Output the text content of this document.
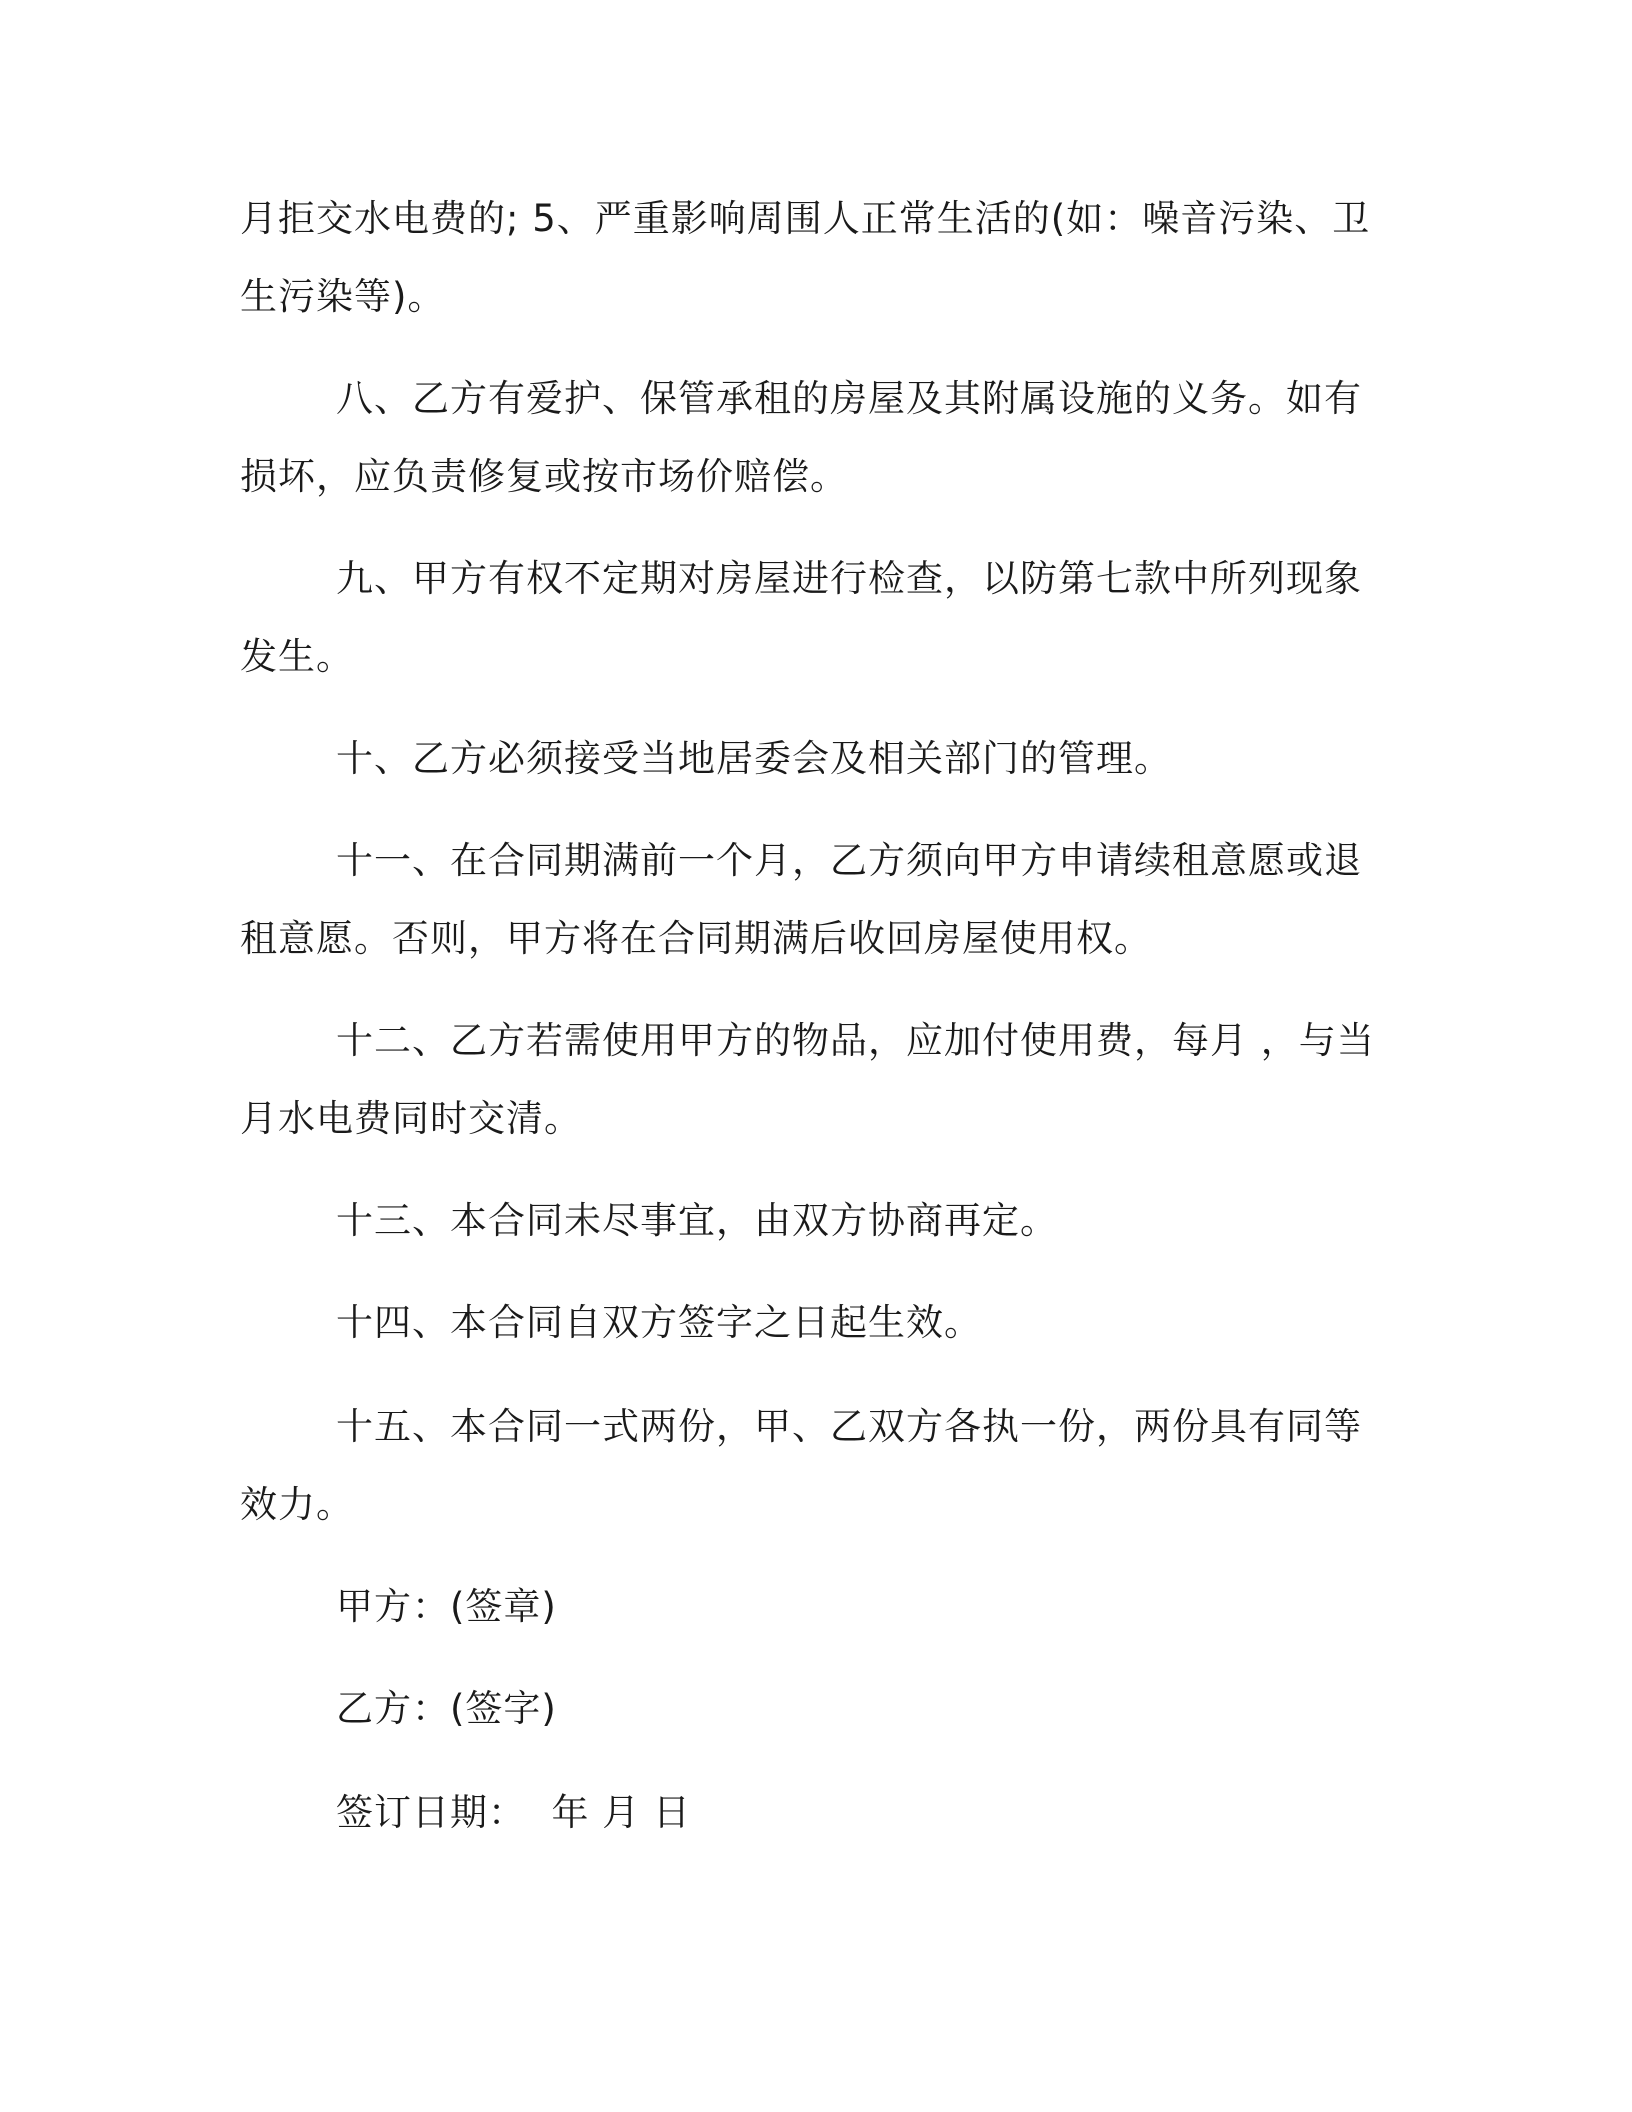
月拒交水电费的; 5、严重影响周围人正常生活的(如：噪音污染、卫生污染等)。

八、乙方有爱护、保管承租的房屋及其附属设施的义务。如有损坏，应负责修复或按市场价赔偿。

九、甲方有权不定期对房屋进行检查，以防第七款中所列现象发生。

十、乙方必须接受当地居委会及相关部门的管理。

十一、在合同期满前一个月，乙方须向甲方申请续租意愿或退租意愿。否则，甲方将在合同期满后收回房屋使用权。

十二、乙方若需使用甲方的物品，应加付使用费，每月 ，与当月水电费同时交清。

十三、本合同未尽事宜，由双方协商再定。

十四、本合同自双方签字之日起生效。

十五、本合同一式两份，甲、乙双方各执一份，两份具有同等效力。

甲方：(签章)

乙方：(签字)

签订日期：  年 月 日
